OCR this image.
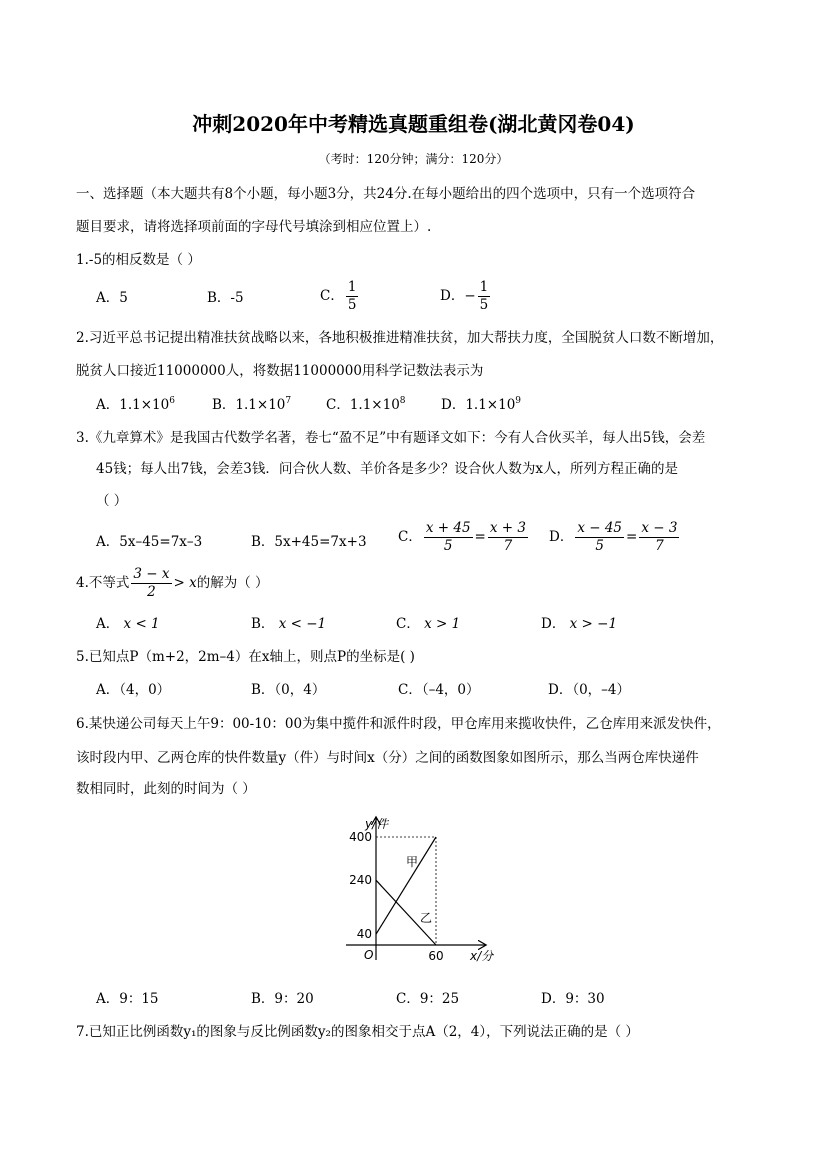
冲刺2020年中考精选真题重组卷(湖北黄冈卷04)
（考时：120分钟；满分：120分）
一、选择题（本大题共有8个小题，每小题3分，共24分.在每小题给出的四个选项中，只有一个选项符合
题目要求，请将选择项前面的字母代号填涂到相应位置上）.
1.-5的相反数是（ ）
A．5	B．-5	C． $\frac{1}{5}$	D．− $\frac{1}{5}$
2.习近平总书记提出精准扶贫战略以来，各地积极推进精准扶贫，加大帮扶力度，全国脱贫人口数不断增加，
脱贫人口接近11000000人，将数据11000000用科学记数法表示为
A．$1.1\times 10^6$	B．$1.1\times 10^7$	C．$1.1\times 10^8$	D．$1.1\times 10^9$
3.《九章算术》是我国古代数学名著，卷七“盈不足”中有题译文如下：今有人合伙买羊，每人出5钱，会差
45钱；每人出7钱，会差3钱．问合伙人数、羊价各是多少？设合伙人数为x人，所列方程正确的是
（ ）
A．5x–45=7x–3	B．5x+45=7x+3 C． $\frac{x + 45}{5} = \frac{x + 3}{7}$ D． $\frac{x - 45}{5} = \frac{x - 3}{7}$
4.不等式 $\frac{3 - x}{2} > x$的解为（ ）
A． x < 1	B． x < −1	C． x > 1	D． x > −1
5.已知点P（m+2，2m–4）在x轴上，则点P的坐标是( )
A．（4，0）	B．（0，4）	C．（–4，0）	D．（0，–4）
6.某快递公司每天上午9：00-10：00为集中揽件和派件时段，甲仓库用来揽收快件，乙仓库用来派发快件，
该时段内甲、乙两仓库的快件数量y（件）与时间x（分）之间的函数图象如图所示，那么当两仓库快递件
数相同时，此刻的时间为（ ）
40
240
400
60
y/件
x/分
O
甲
乙
A．9：15	B．9：20	C．9：25	D．9：30
7.已知正比例函数y₁的图象与反比例函数y₂的图象相交于点A（2，4），下列说法正确的是（ ）
